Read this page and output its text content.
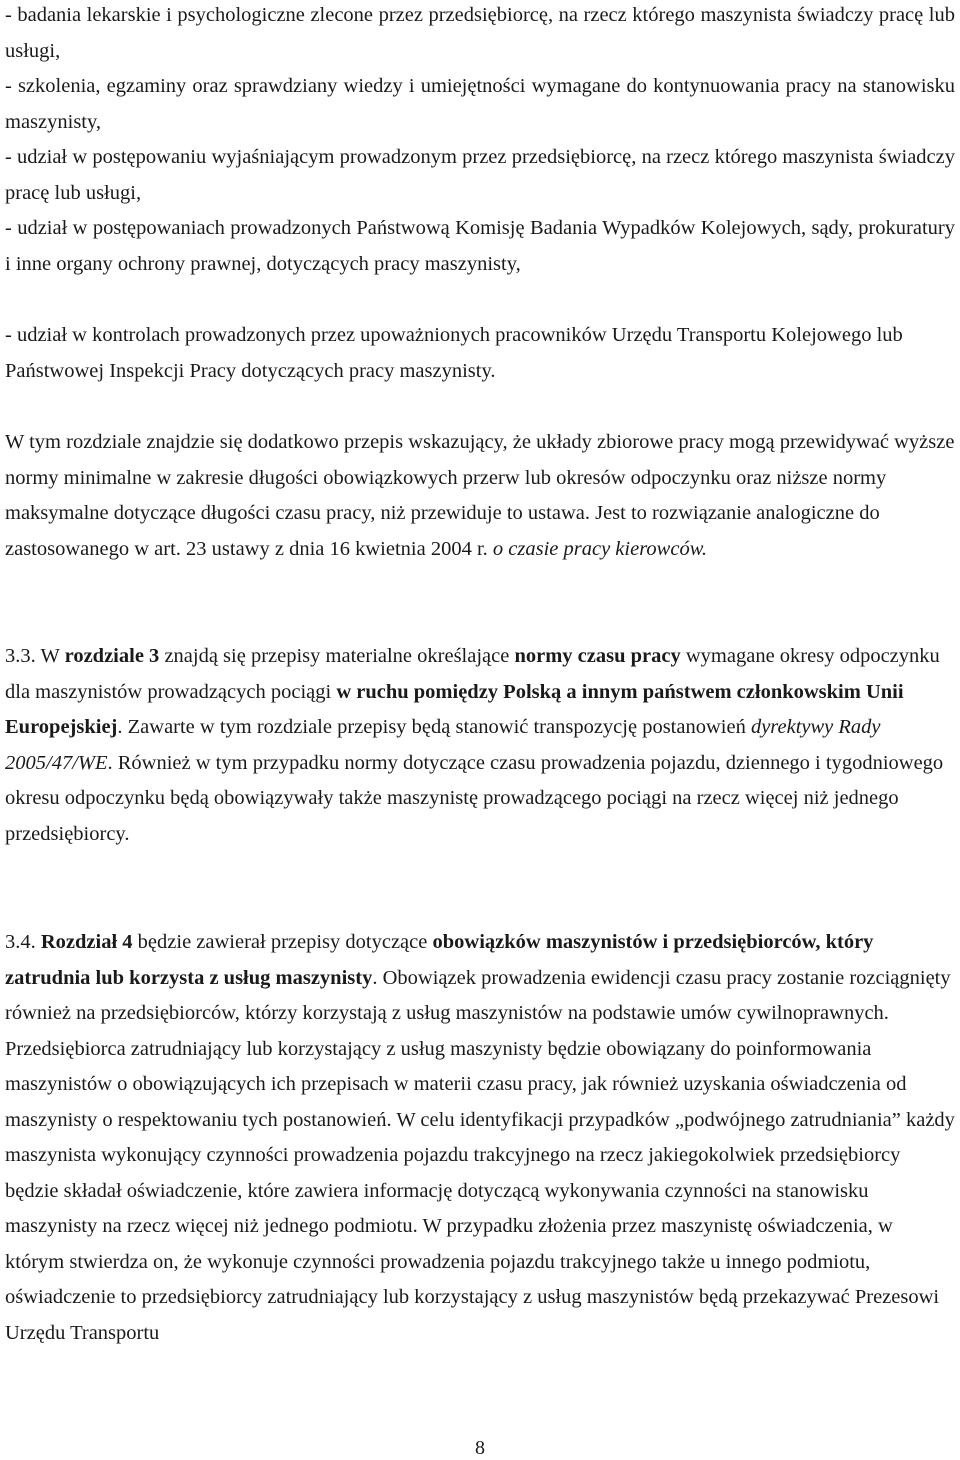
- badania lekarskie i psychologiczne zlecone przez przedsiębiorcę, na rzecz którego maszynista świadczy pracę lub usługi,

- szkolenia, egzaminy oraz sprawdziany wiedzy i umiejętności wymagane do kontynuowania pracy na stanowisku maszynisty,

- udział w postępowaniu wyjaśniającym prowadzonym przez przedsiębiorcę, na rzecz którego maszynista świadczy pracę lub usługi,

- udział w postępowaniach prowadzonych Państwową Komisję Badania Wypadków Kolejowych, sądy, prokuratury i inne organy ochrony prawnej, dotyczących pracy maszynisty,

- udział w kontrolach prowadzonych przez upoważnionych pracowników Urzędu Transportu Kolejowego lub Państwowej Inspekcji Pracy dotyczących pracy maszynisty.

W tym rozdziale znajdzie się dodatkowo przepis wskazujący, że układy zbiorowe pracy mogą przewidywać wyższe normy minimalne w zakresie długości obowiązkowych przerw lub okresów odpoczynku oraz niższe normy maksymalne dotyczące długości czasu pracy, niż przewiduje to ustawa. Jest to rozwiązanie analogiczne do zastosowanego w art. 23 ustawy z dnia 16 kwietnia 2004 r. o czasie pracy kierowców.

3.3. W rozdziale 3 znajdą się przepisy materialne określające normy czasu pracy wymagane okresy odpoczynku dla maszynistów prowadzących pociągi w ruchu pomiędzy Polską a innym państwem członkowskim Unii Europejskiej. Zawarte w tym rozdziale przepisy będą stanowić transpozycję postanowień dyrektywy Rady 2005/47/WE. Również w tym przypadku normy dotyczące czasu prowadzenia pojazdu, dziennego i tygodniowego okresu odpoczynku będą obowiązywały także maszynistę prowadzącego pociągi na rzecz więcej niż jednego przedsiębiorcy.

3.4. Rozdział 4 będzie zawierał przepisy dotyczące obowiązków maszynistów i przedsiębiorców, który zatrudnia lub korzysta z usług maszynisty. Obowiązek prowadzenia ewidencji czasu pracy zostanie rozciągnięty również na przedsiębiorców, którzy korzystają z usług maszynistów na podstawie umów cywilnoprawnych. Przedsiębiorca zatrudniający lub korzystający z usług maszynisty będzie obowiązany do poinformowania maszynistów o obowiązujących ich przepisach w materii czasu pracy, jak również uzyskania oświadczenia od maszynisty o respektowaniu tych postanowień. W celu identyfikacji przypadków „podwójnego zatrudniania” każdy maszynista wykonujący czynności prowadzenia pojazdu trakcyjnego na rzecz jakiegokolwiek przedsiębiorcy będzie składał oświadczenie, które zawiera informację dotyczącą wykonywania czynności na stanowisku maszynisty na rzecz więcej niż jednego podmiotu. W przypadku złożenia przez maszynistę oświadczenia, w którym stwierdza on, że wykonuje czynności prowadzenia pojazdu trakcyjnego także u innego podmiotu, oświadczenie to przedsiębiorcy zatrudniający lub korzystający z usług maszynistów będą przekazywać Prezesowi Urzędu Transportu

8
